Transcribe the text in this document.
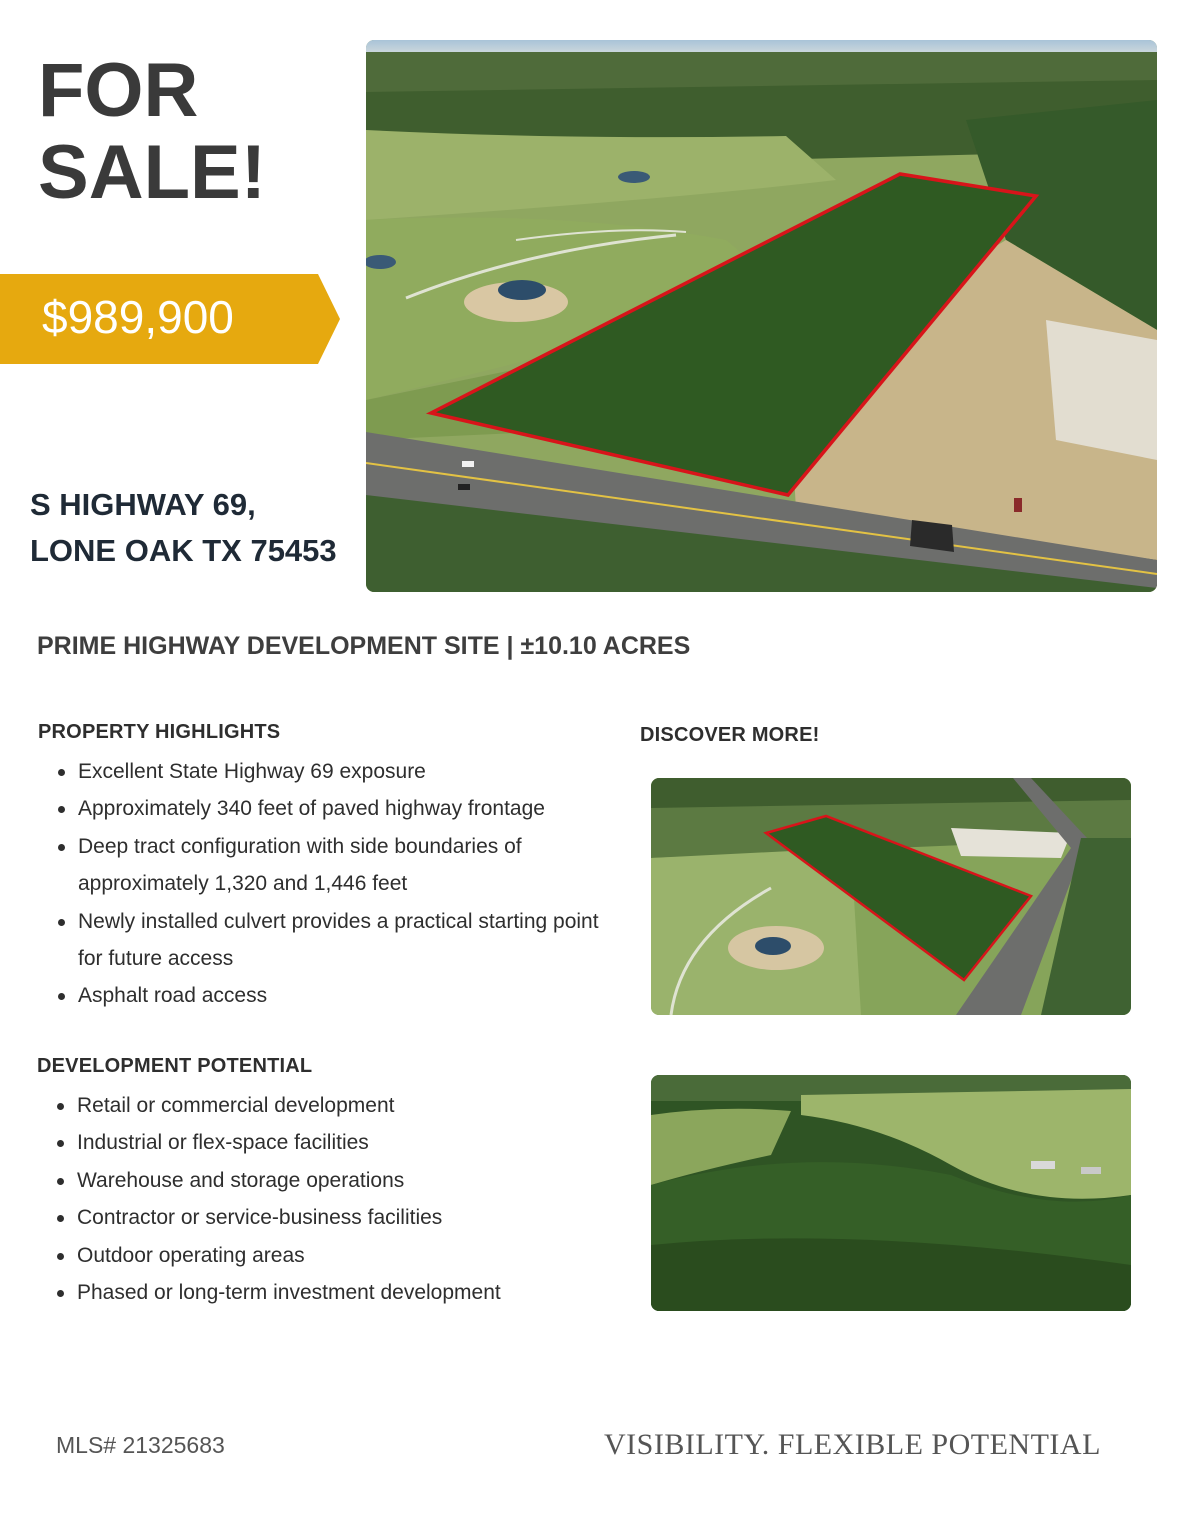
FOR
SALE!
$989,900
S HIGHWAY 69,
LONE OAK TX 75453
PRIME HIGHWAY DEVELOPMENT SITE | ±10.10 ACRES
PROPERTY HIGHLIGHTS
Excellent State Highway 69 exposure
Approximately 340 feet of paved highway frontage
Deep tract configuration with side boundaries of approximately 1,320 and 1,446 feet
Newly installed culvert provides a practical starting point for future access
Asphalt road access
DISCOVER MORE!
DEVELOPMENT POTENTIAL
Retail or commercial development
Industrial or flex-space facilities
Warehouse and storage operations
Contractor or service-business facilities
Outdoor operating areas
Phased or long-term investment development
MLS# 21325683	VISIBILITY. FLEXIBLE POTENTIAL
